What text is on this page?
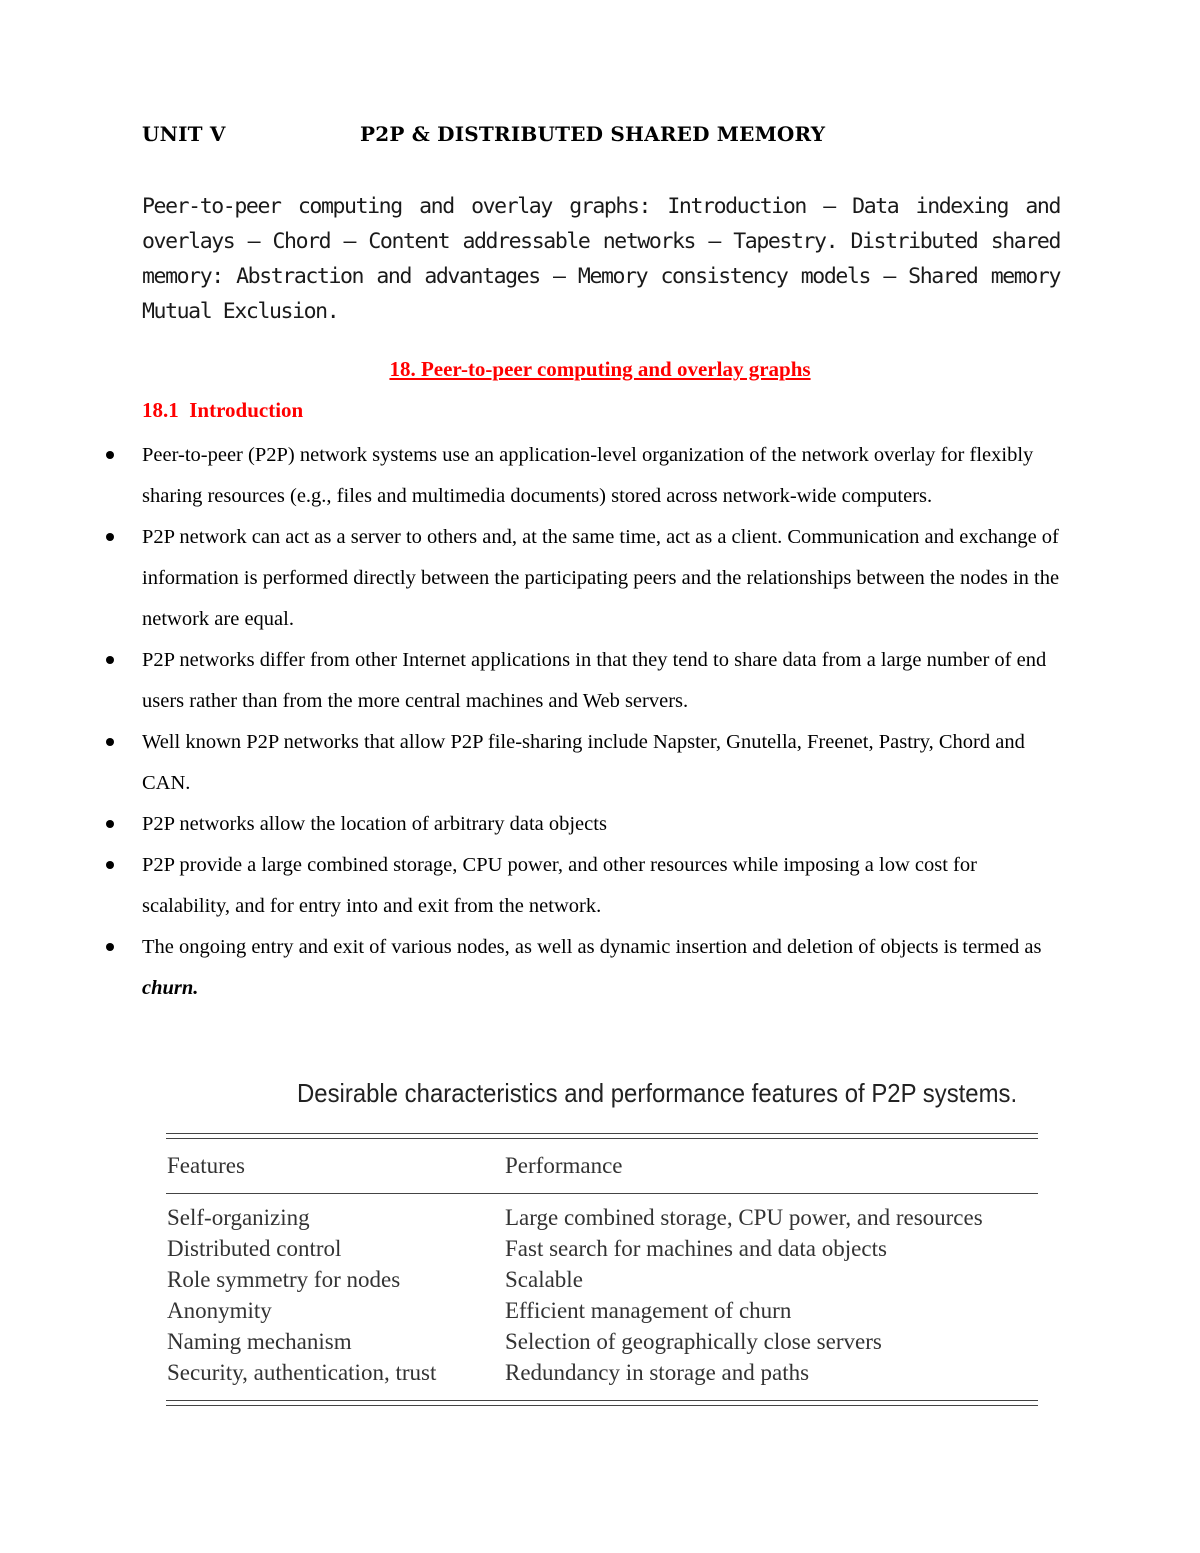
UNIT V	P2P & DISTRIBUTED SHARED MEMORY
Peer-to-peer computing and overlay graphs: Introduction – Data indexing and overlays – Chord – Content addressable networks – Tapestry. Distributed shared memory: Abstraction and advantages – Memory consistency models – Shared memory Mutual Exclusion.
18. Peer-to-peer computing and overlay graphs
18.1  Introduction
Peer-to-peer (P2P) network systems use an application-level organization of the network overlay for flexibly sharing resources (e.g., files and multimedia documents) stored across network-wide computers.
P2P network can act as a server to others and, at the same time, act as a client. Communication and exchange of information is performed directly between the participating peers and the relationships between the nodes in the network are equal.
P2P networks differ from other Internet applications in that they tend to share data from a large number of end users rather than from the more central machines and Web servers.
Well known P2P networks that allow P2P file-sharing include Napster, Gnutella, Freenet, Pastry, Chord and CAN.
P2P networks allow the location of arbitrary data objects
P2P provide a large combined storage, CPU power, and other resources while imposing a low cost for scalability, and for entry into and exit from the network.
The ongoing entry and exit of various nodes, as well as dynamic insertion and deletion of objects is termed as churn.
Desirable characteristics and performance features of P2P systems.
Features	Performance
Self-organizing	Large combined storage, CPU power, and resources
Distributed control	Fast search for machines and data objects
Role symmetry for nodes	Scalable
Anonymity	Efficient management of churn
Naming mechanism	Selection of geographically close servers
Security, authentication, trust	Redundancy in storage and paths
